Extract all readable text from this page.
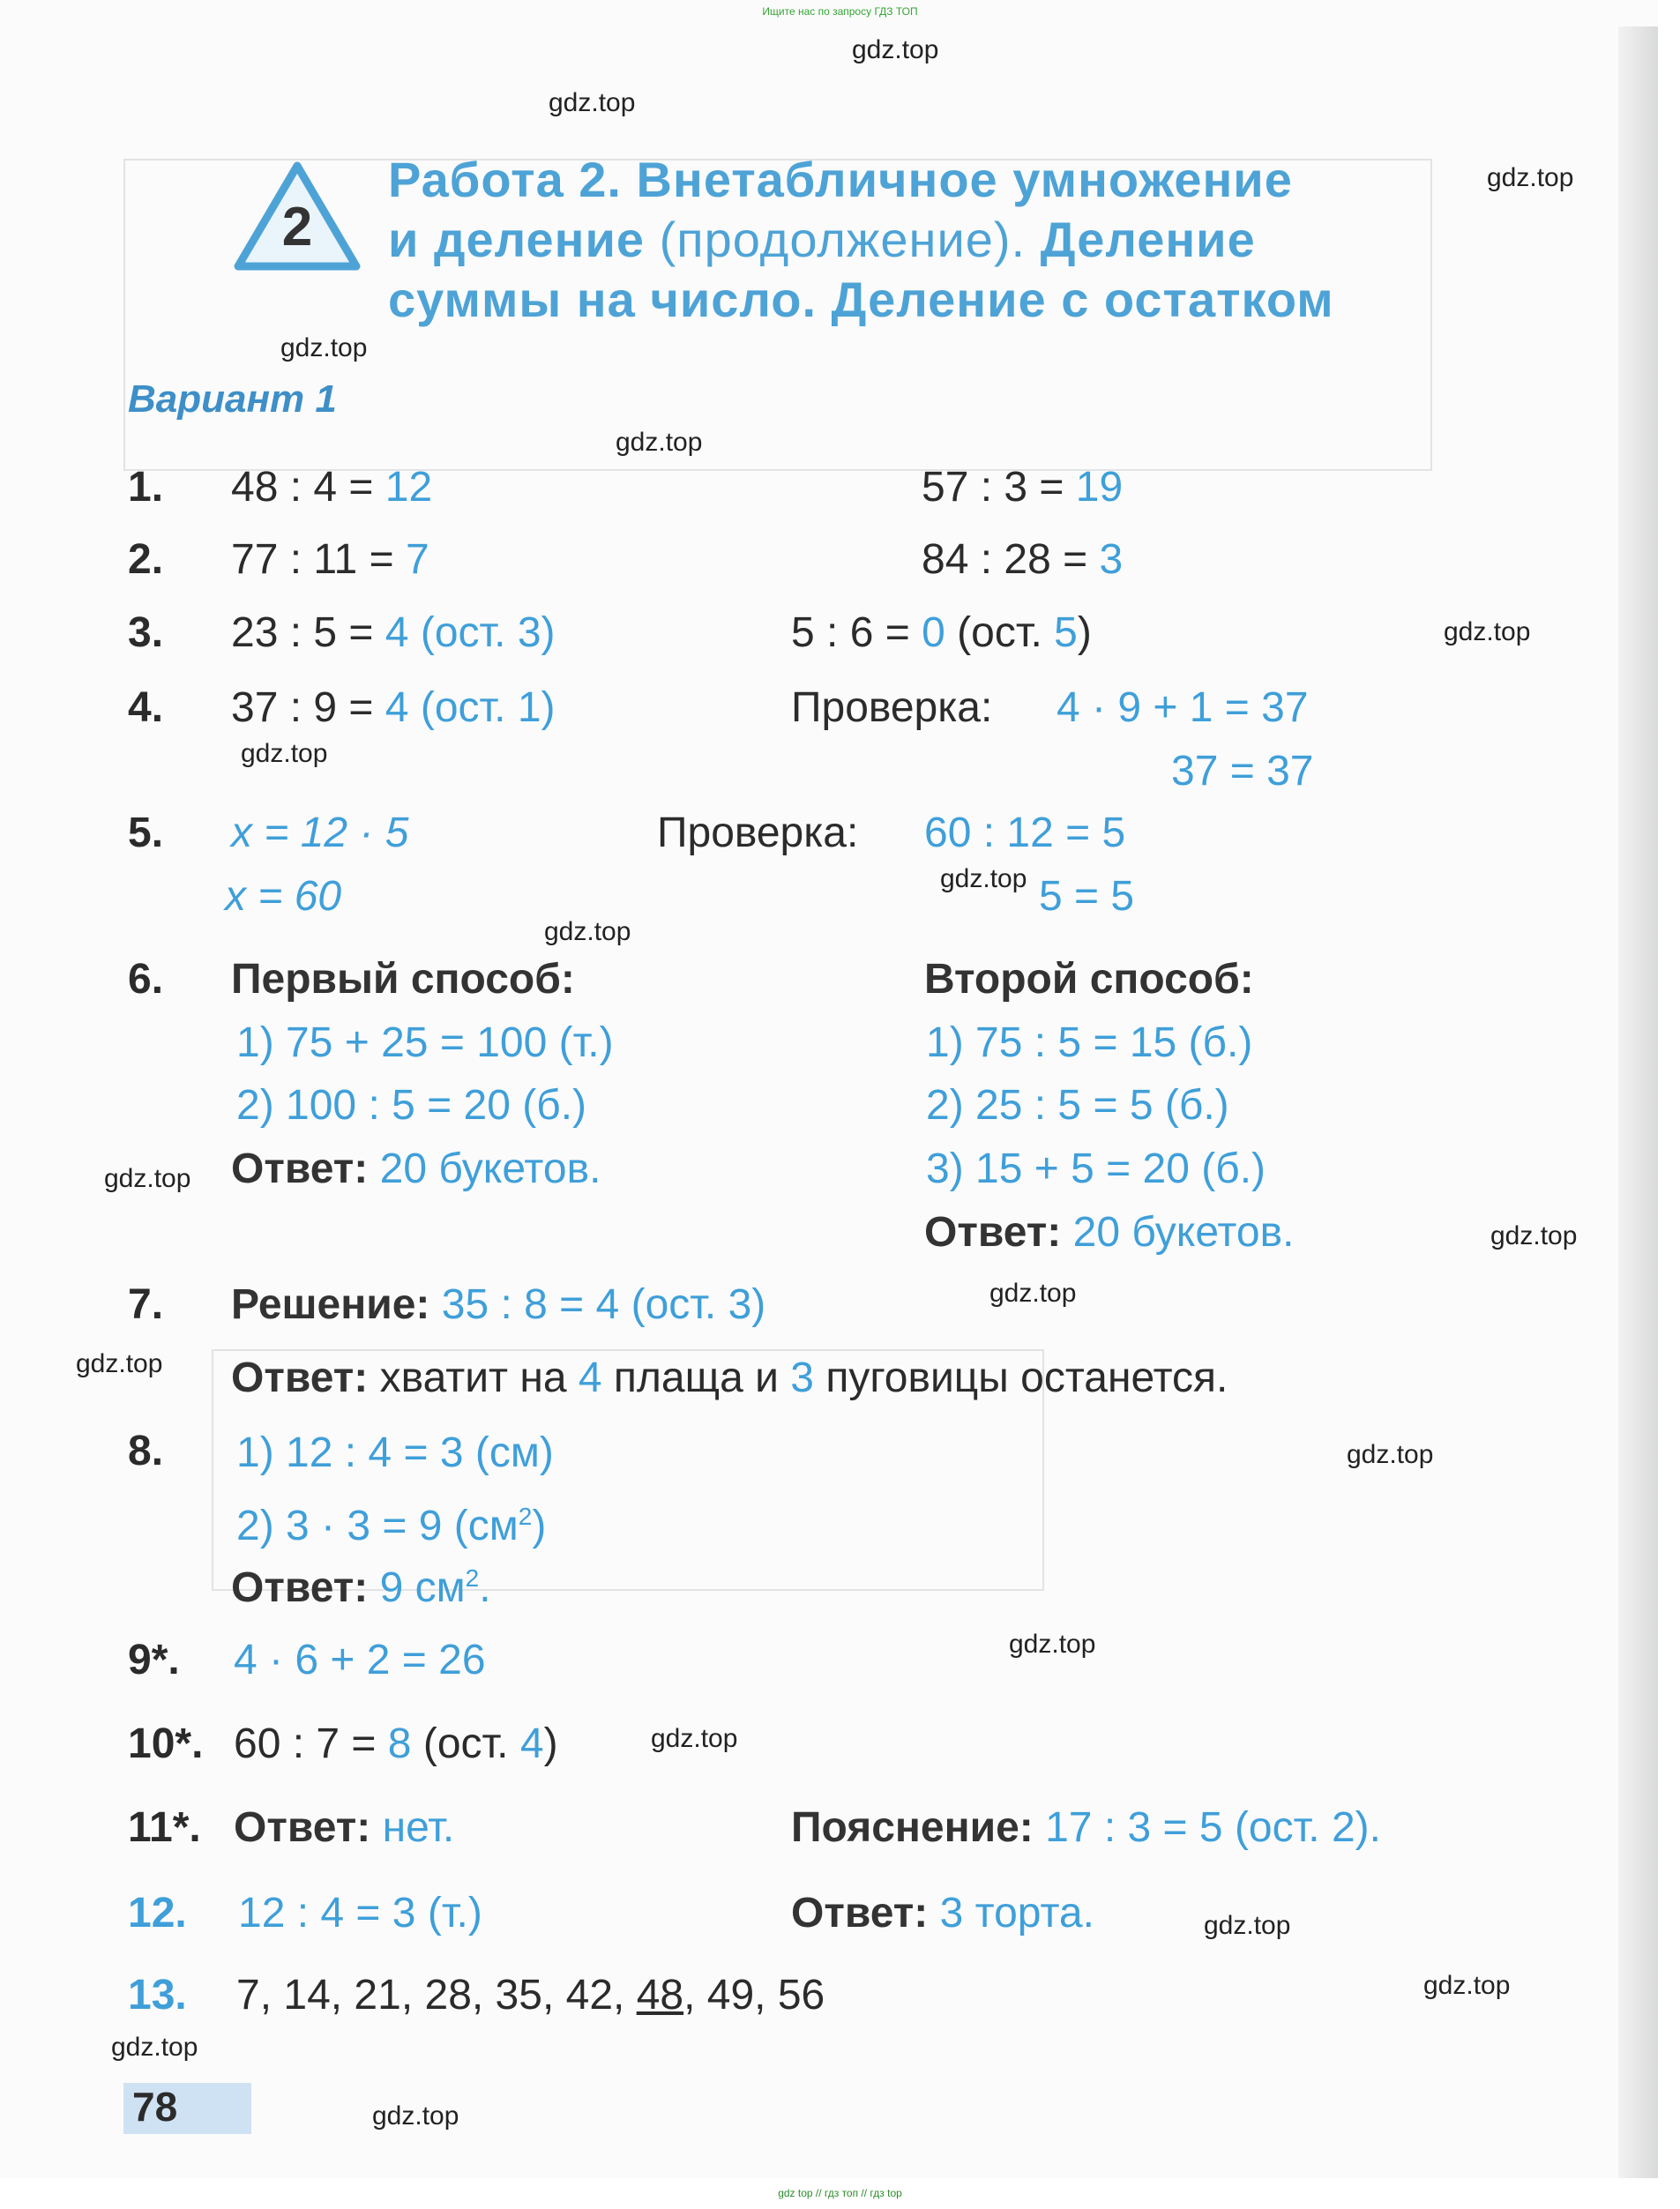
Ищите нас по запросу ГДЗ ТОП
gdz.top
gdz.top
gdz.top
gdz.top
gdz.top
gdz.top
gdz.top
gdz.top
gdz.top
gdz.top
gdz.top
gdz.top
gdz.top
gdz.top
gdz.top
gdz.top
gdz.top
gdz.top
gdz.top
gdz.top
2
Работа 2. Внетабличное умножение
и деление (продолжение). Деление
суммы на число. Деление с остатком
Вариант 1
1. 48 : 4 = 12	57 : 3 = 19
2. 77 : 11 = 7	84 : 28 = 3
3. 23 : 5 = 4 (ост. 3)	5 : 6 = 0 (ост. 5)
4. 37 : 9 = 4 (ост. 1)	Проверка: 4 · 9 + 1 = 37
37 = 37
5. x = 12 · 5
x = 60
Проверка: 60 : 12 = 5
5 = 5
6. Первый способ:
1) 75 + 25 = 100 (т.)
2) 100 : 5 = 20 (б.)
Ответ: 20 букетов.
Второй способ:
1) 75 : 5 = 15 (б.)
2) 25 : 5 = 5 (б.)
3) 15 + 5 = 20 (б.)
Ответ: 20 букетов.
7. Решение: 35 : 8 = 4 (ост. 3)
Ответ: хватит на 4 плаща и 3 пуговицы останется.
8. 1) 12 : 4 = 3 (см)
2) 3 · 3 = 9 $(см^2)$
Ответ: 9 $см^2$.
9*. 4 · 6 + 2 = 26
10*. 60 : 7 = 8 (ост. 4)
11*. Ответ: нет.	Пояснение: 17 : 3 = 5 (ост. 2).
12. 12 : 4 = 3 (т.)	Ответ: 3 торта.
13. 7, 14, 21, 28, 35, 42, 48, 49, 56
78
gdz top // гдз топ // гдз top
